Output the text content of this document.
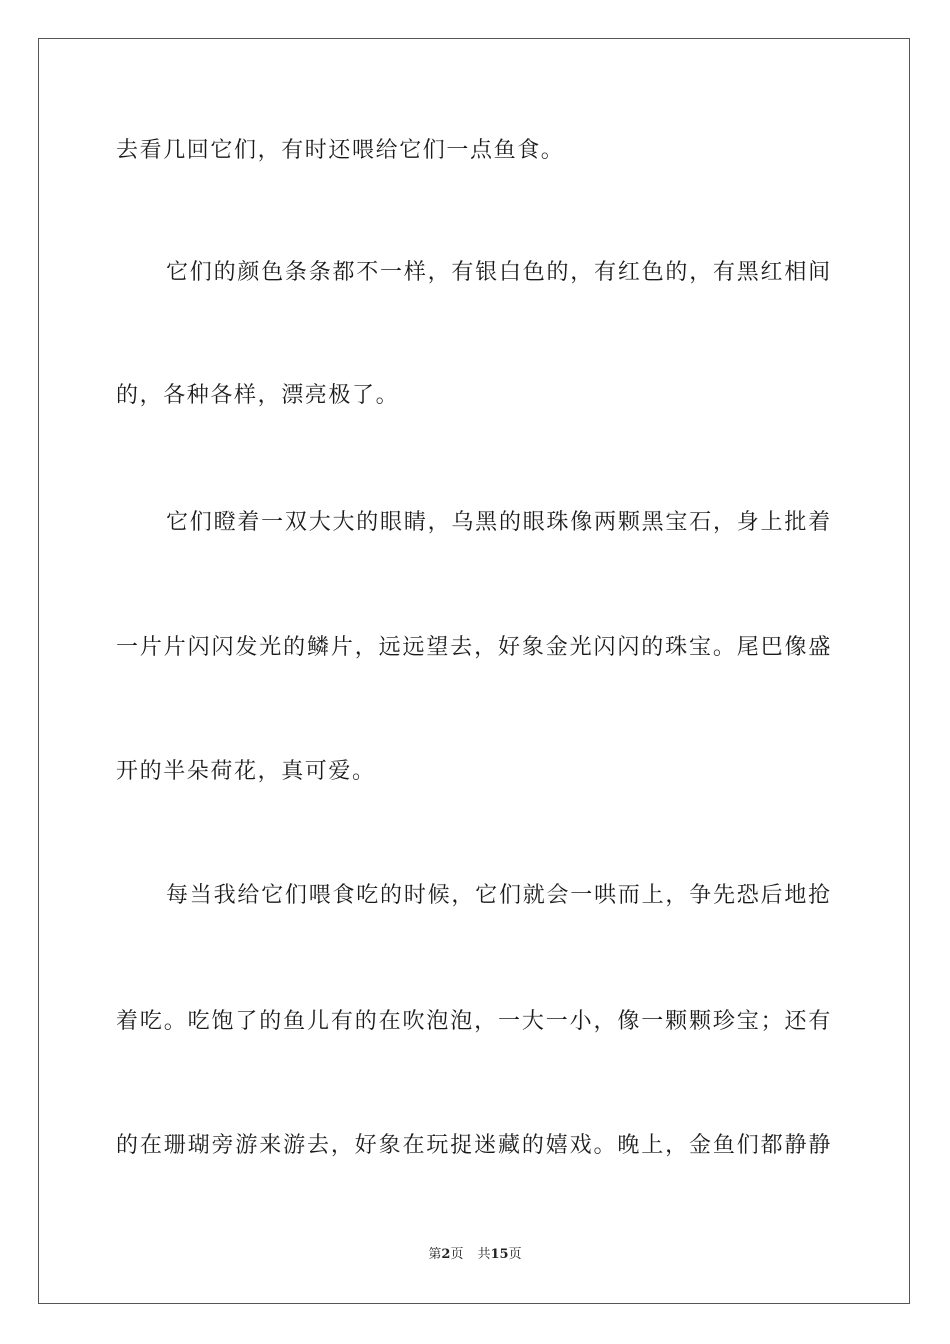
去看几回它们，有时还喂给它们一点鱼食。
它 们 的 颜 色 条 条 都 不 一 样 ， 有 银 白 色 的 ， 有 红 色 的 ， 有 黑 红 相 间
的，各种各样，漂亮极了。
它 们 瞪 着 一 双 大 大 的 眼 睛 ， 乌 黑 的 眼 珠 像 两 颗 黑 宝 石 ， 身 上 批 着
一 片 片 闪 闪 发 光 的 鳞 片 ， 远 远 望 去 ， 好 象 金 光 闪 闪 的 珠 宝 。 尾 巴 像 盛
开的半朵荷花，真可爱。
每 当 我 给 它 们 喂 食 吃 的 时 候 ， 它 们 就 会 一 哄 而 上 ， 争 先 恐 后 地 抢
着 吃 。 吃 饱 了 的 鱼 儿 有 的 在 吹 泡 泡 ， 一 大 一 小 ， 像 一 颗 颗 珍 宝 ； 还 有
的 在 珊 瑚 旁 游 来 游 去 ， 好 象 在 玩 捉 迷 藏 的 嬉 戏 。 晚 上 ， 金 鱼 们 都 静 静
第2页 共15页
